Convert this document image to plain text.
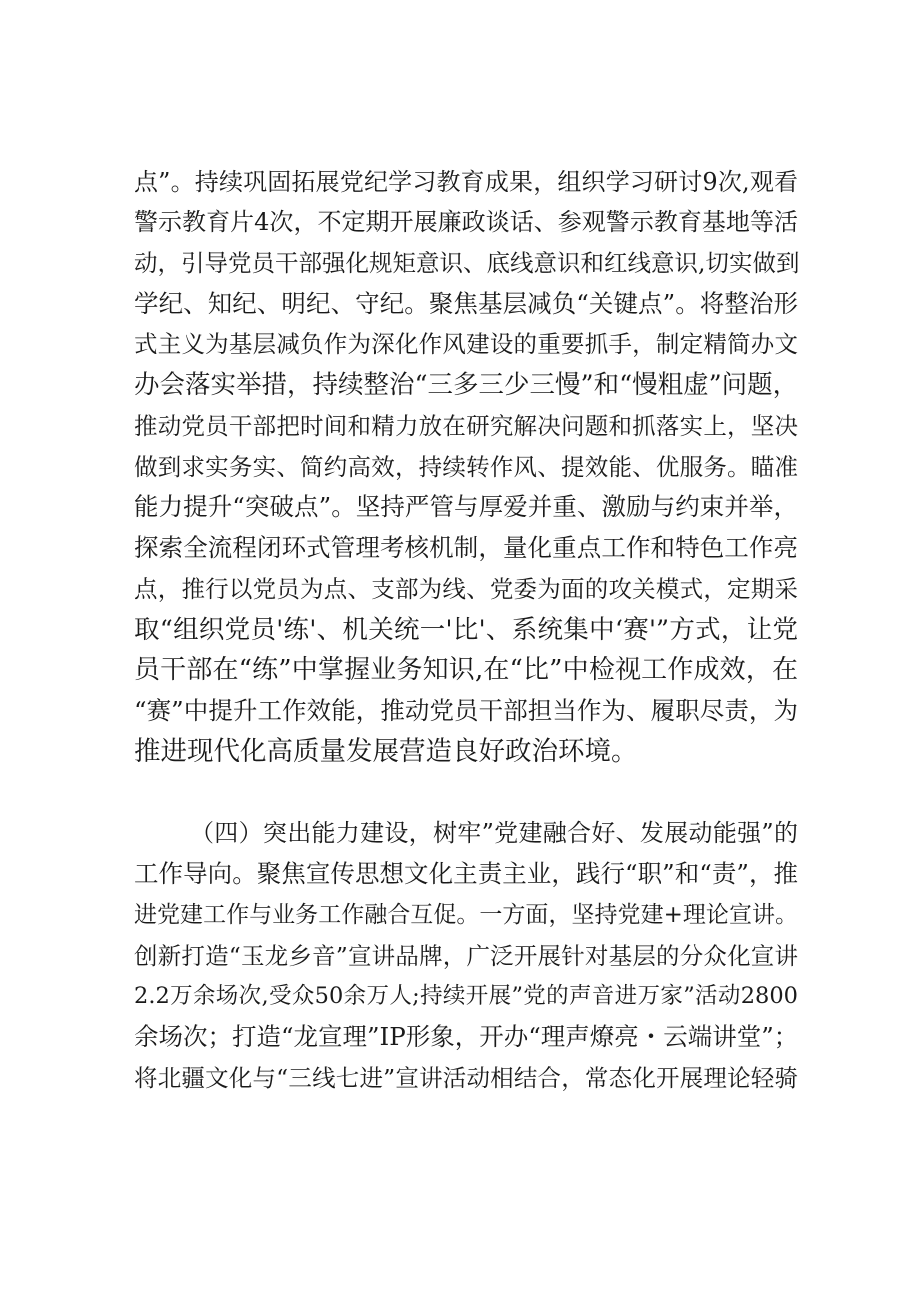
点”。持续巩固拓展党纪学习教育成果，组织学习研讨9次,观看
警示教育片4次，不定期开展廉政谈话、参观警示教育基地等活
动，引导党员干部强化规矩意识、底线意识和红线意识,切实做到
学纪、知纪、明纪、守纪。聚焦基层减负“关键点”。将整治形
式主义为基层减负作为深化作风建设的重要抓手，制定精简办文
办会落实举措，持续整治“三多三少三慢”和“慢粗虚”问题，
推动党员干部把时间和精力放在研究解决问题和抓落实上，坚决
做到求实务实、简约高效，持续转作风、提效能、优服务。瞄准
能力提升“突破点”。坚持严管与厚爱并重、激励与约束并举，
探索全流程闭环式管理考核机制，量化重点工作和特色工作亮
点，推行以党员为点、支部为线、党委为面的攻关模式，定期采
取“组织党员'练'、机关统一'比'、系统集中‘赛'”方式，让党
员干部在“练”中掌握业务知识,在“比”中检视工作成效，在
“赛”中提升工作效能，推动党员干部担当作为、履职尽责，为
推进现代化高质量发展营造良好政治环境。
（四）突出能力建设，树牢”党建融合好、发展动能强”的
工作导向。聚焦宣传思想文化主责主业，践行“职”和“责”，推
进党建工作与业务工作融合互促。一方面，坚持党建+理论宣讲。
创新打造“玉龙乡音”宣讲品牌，广泛开展针对基层的分众化宣讲
2.2万余场次,受众50余万人;持续开展”党的声音进万家”活动2800
余场次；打造“龙宣理”IP形象，开办“理声燎亮・云端讲堂”；
将北疆文化与“三线七进”宣讲活动相结合，常态化开展理论轻骑
